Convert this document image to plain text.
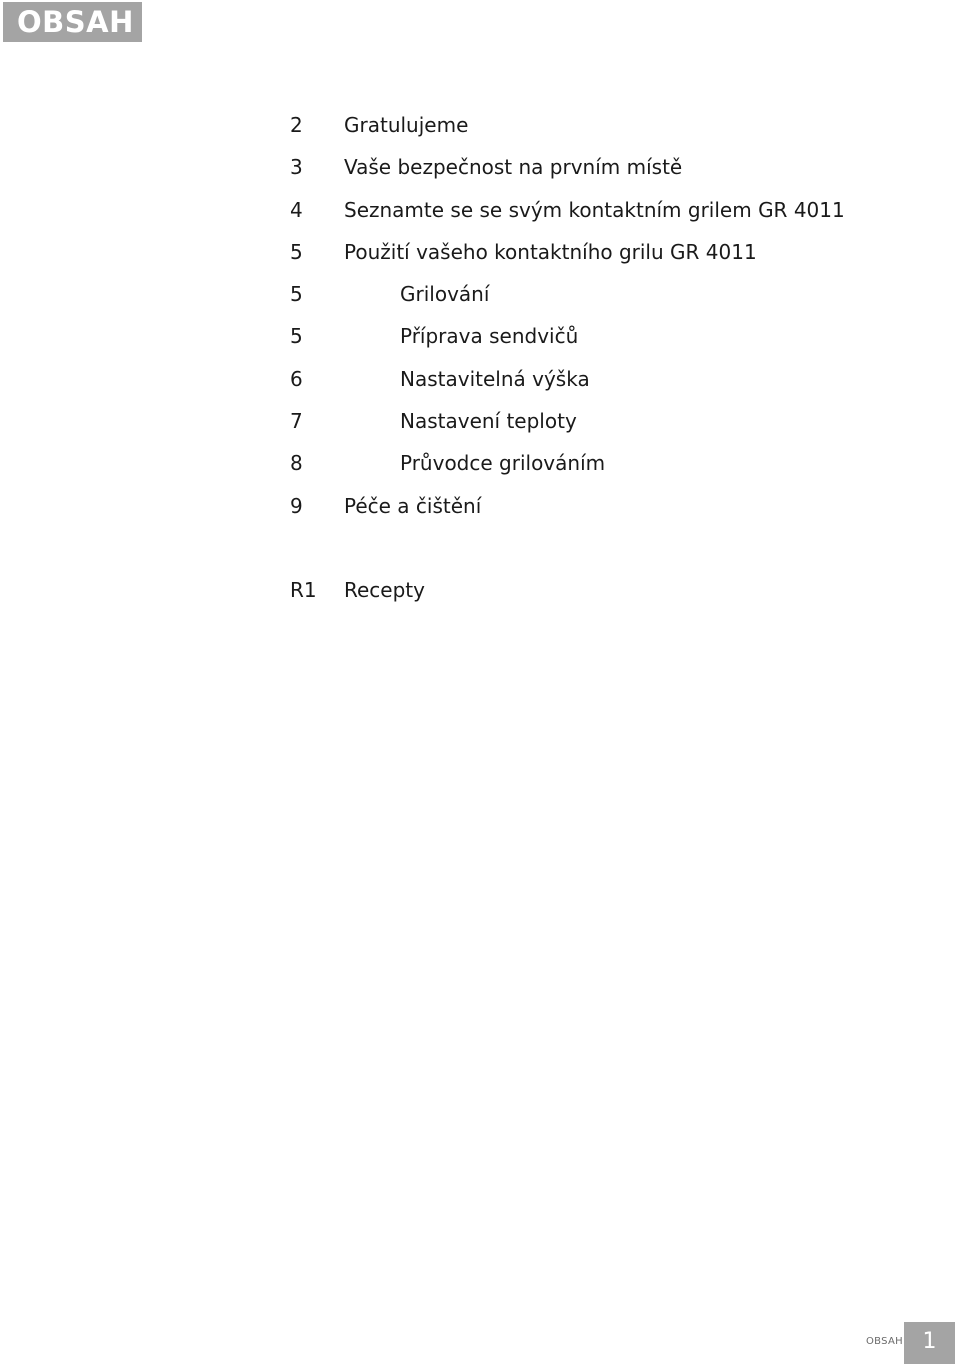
OBSAH
2 Gratulujeme
3 Vaše bezpečnost na prvním místě
4 Seznamte se se svým kontaktním grilem GR 4011
5 Použití vašeho kontaktního grilu GR 4011
5	Grilování
5	Příprava sendvičů
6	Nastavitelná výška
7	Nastavení teploty
8	Průvodce grilováním
9 Péče a čištění
R1 Recepty
OBSAH 1
